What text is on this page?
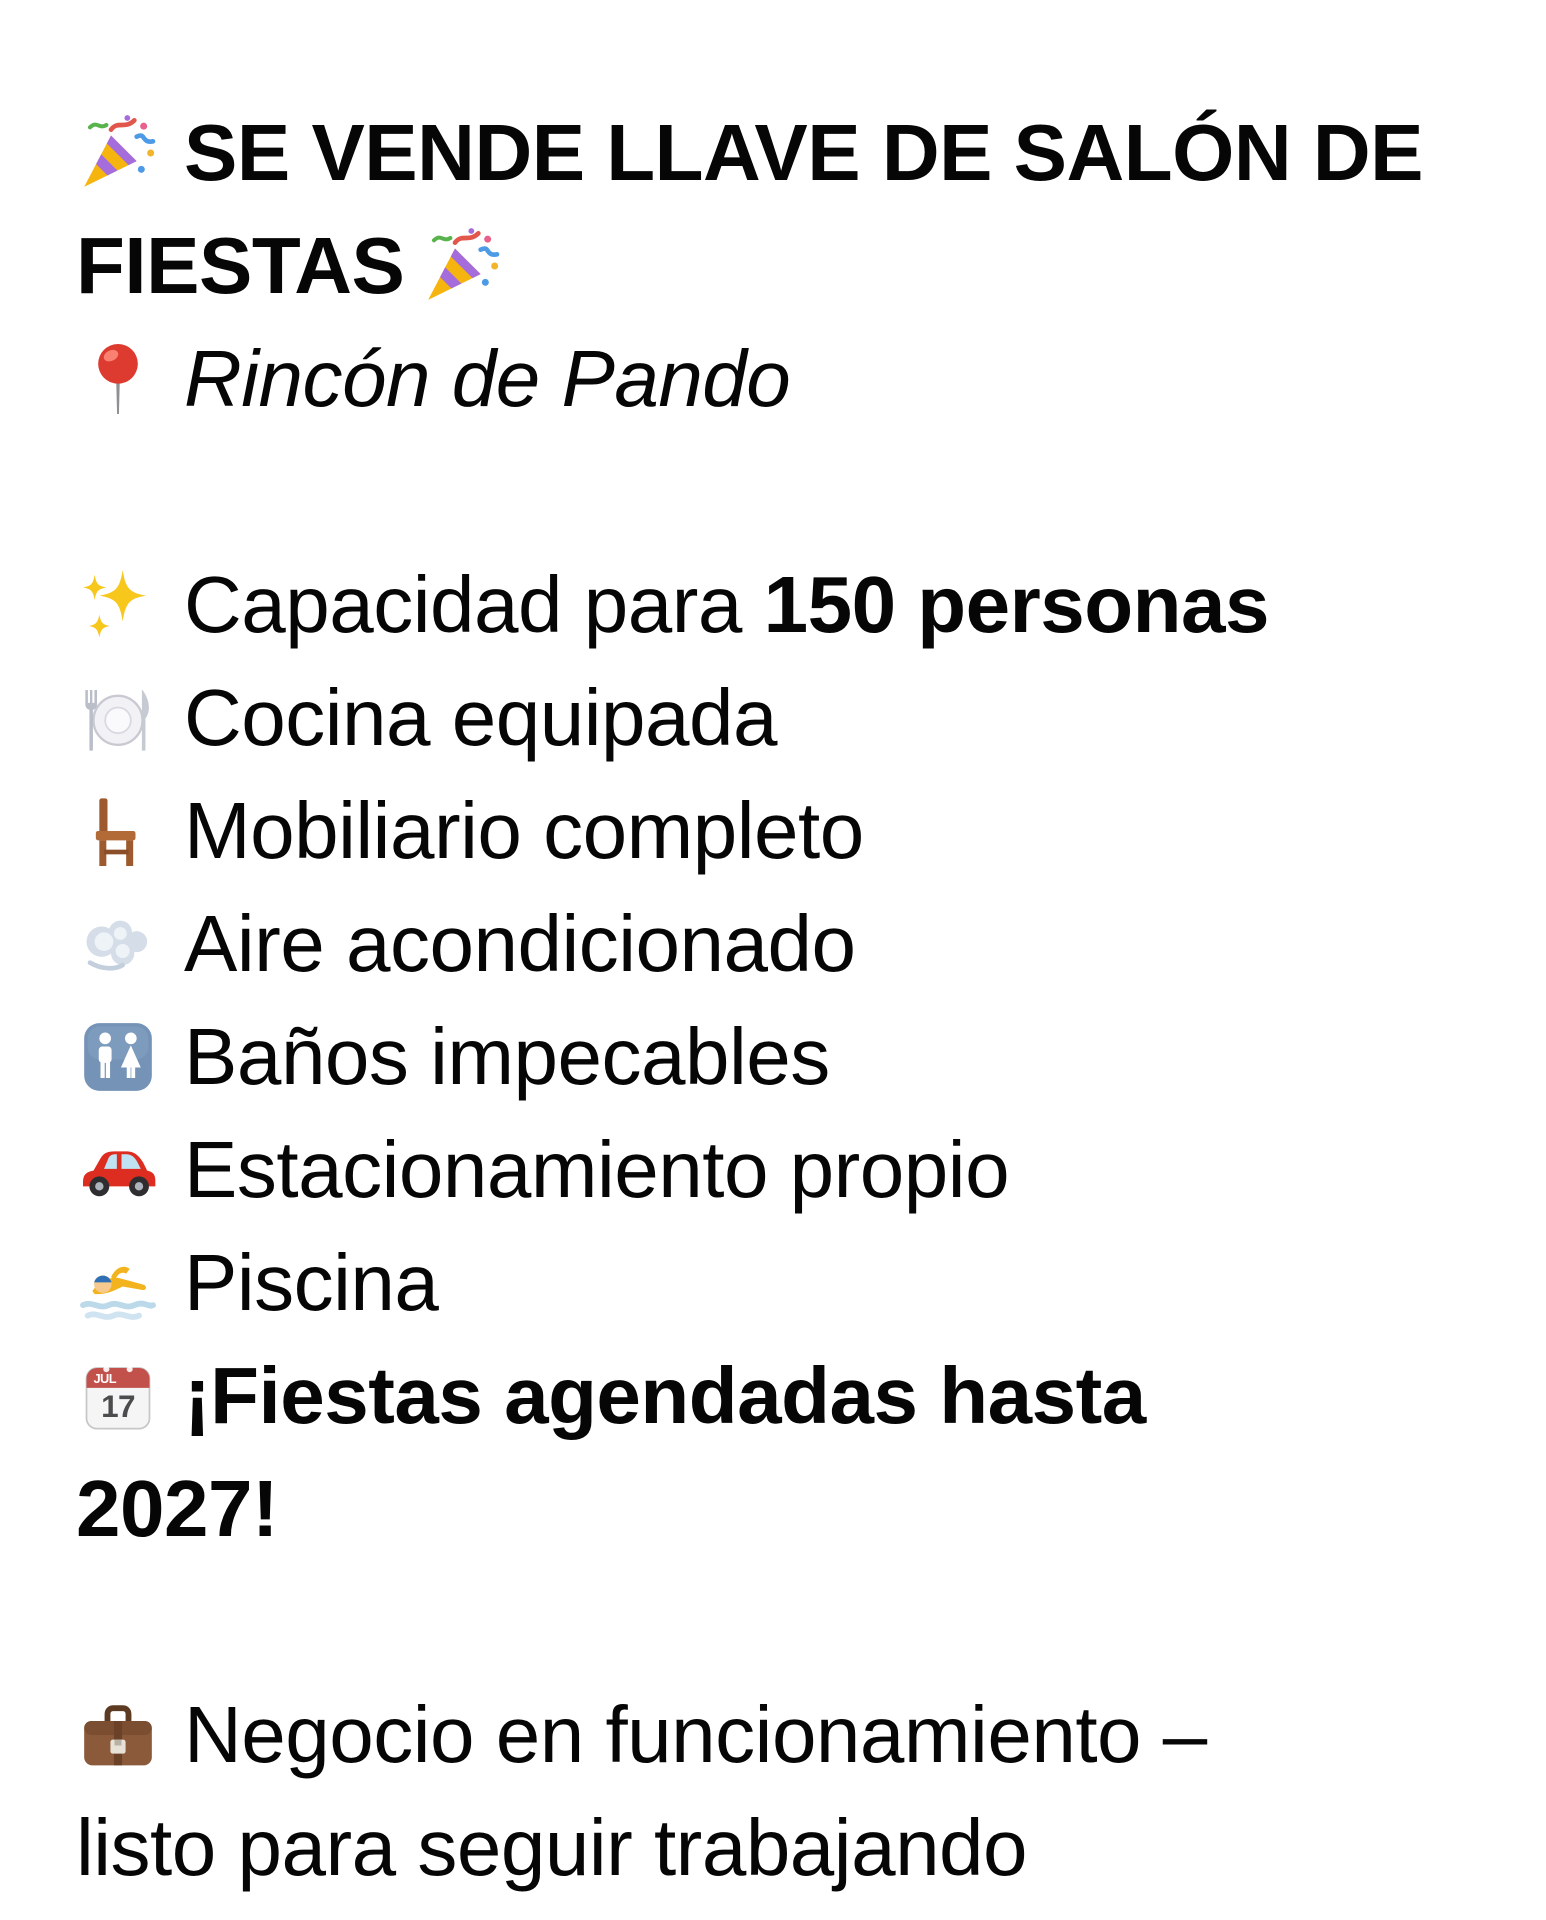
SE VENDE LLAVE DE SALÓN DE
FIESTAS

Rincón de Pando

Capacidad para 150 personas

Cocina equipada

Mobiliario completo

Aire acondicionado

Baños impecables

Estacionamiento propio

Piscina

JUL
17 ¡Fiestas agendadas hasta
2027!

Negocio en funcionamiento –
listo para seguir trabajando
